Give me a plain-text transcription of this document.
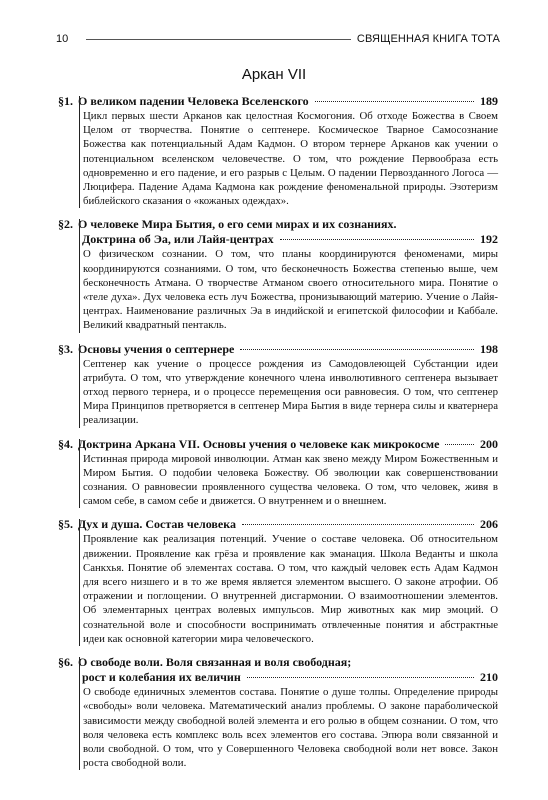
10	СВЯЩЕННАЯ КНИГА ТОТА
Аркан VII
§1. О великом падении Человека Вселенского	189
Цикл первых шести Арканов как целостная Космогония. Об отходе Божества в Своем Целом от творчества. Понятие о септенере. Космическое Тварное Самосознание Божества как потенциальный Адам Кадмон. О втором тернере Арканов как учении о потенциальном вселенском человечестве. О том, что рождение Первообраза есть одновременно и его падение, и его разрыв с Целым. О падении Первозданного Логоса — Люцифера. Падение Адама Кадмона как рождение феноменальной природы. Эзотеризм библейского сказания о «кожаных одеждах».
§2. О человеке Мира Бытия, о его семи мирах и их сознаниях.
Доктрина об Эа, или Лайя-центрах	192
О физическом сознании. О том, что планы координируются феноменами, миры координируются сознаниями. О том, что бесконечность Божества степенью выше, чем бесконечность Атмана. О творчестве Атманом своего относительного мира. Понятие о «теле духа». Дух человека есть луч Божества, пронизывающий материю. Учение о Лайя-центрах. Наименование различных Эа в индийской и египетской философии и Каббале. Великий квадратный пентакль.
§3. Основы учения о септернере	198
Септенер как учение о процессе рождения из Самодовлеющей Субстанции идеи атрибута. О том, что утверждение конечного члена инволютивного септенера вызывает отход первого тернера, и о процессе перемещения оси равновесия. О том, что септенер Мира Принципов претворяется в септенер Мира Бытия в виде тернера силы и кватернера реализации.
§4. Доктрина Аркана VII. Основы учения о человеке как микрокосме	200
Истинная природа мировой инволюции. Атман как звено между Миром Божественным и Миром Бытия. О подобии человека Божеству. Об эволюции как совершенствовании сознания. О равновесии проявленного существа человека. О том, что человек, живя в самом себе, в самом себе и движется. О внутреннем и о внешнем.
§5. Дух и душа. Состав человека	206
Проявление как реализация потенций. Учение о составе человека. Об относительном движении. Проявление как грёза и проявление как эманация. Школа Веданты и школа Санкхья. Понятие об элементах состава. О том, что каждый человек есть Адам Кадмон для всего низшего и в то же время является элементом высшего. О законе атрофии. Об отражении и поглощении. О внутренней дисгармонии. О взаимоотношении элементов. Об элементарных центрах волевых импульсов. Мир животных как мир эмоций. О сознательной воле и способности воспринимать отвлеченные понятия и абстрактные идеи как основной категории мира человеческого.
§6. О свободе воли. Воля связанная и воля свободная;
рост и колебания их величин	210
О свободе единичных элементов состава. Понятие о душе толпы. Определение природы «свободы» воли человека. Математический анализ проблемы. О законе параболической зависимости между свободной волей элемента и его ролью в общем сознании. О том, что воля человека есть комплекс воль всех элементов его состава. Эпюра воли связанной и воли свободной. О том, что у Совершенного Человека свободной воли нет вовсе. Закон роста свободной воли.
